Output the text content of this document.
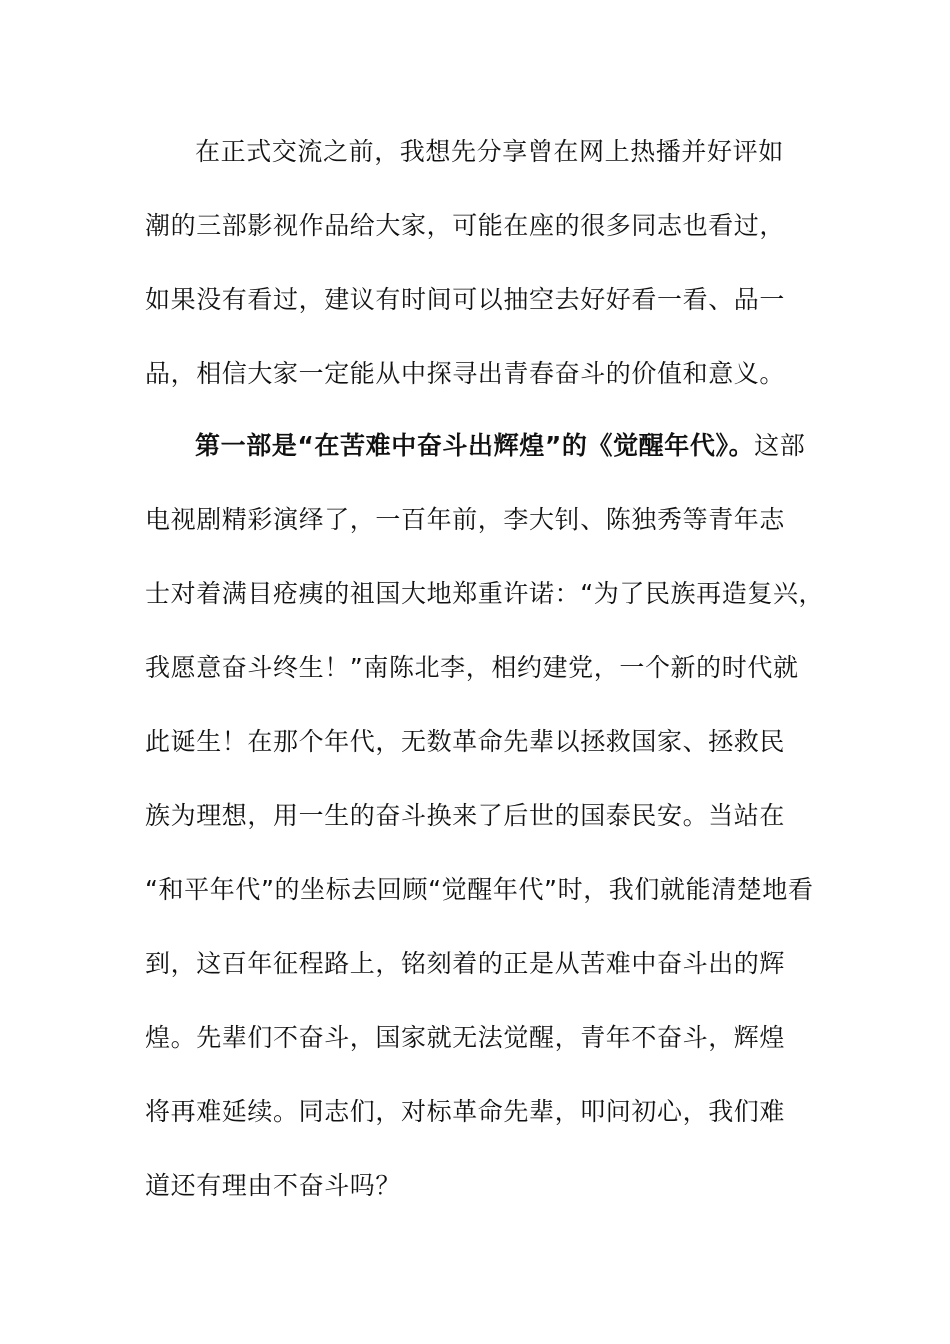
在正式交流之前，我想先分享曾在网上热播并好评如
潮的三部影视作品给大家，可能在座的很多同志也看过，
如果没有看过，建议有时间可以抽空去好好看一看、品一
品，相信大家一定能从中探寻出青春奋斗的价值和意义。
第一部是“在苦难中奋斗出辉煌”的《觉醒年代》。这部
电视剧精彩演绎了，一百年前，李大钊、陈独秀等青年志
士对着满目疮痍的祖国大地郑重许诺：“为了民族再造复兴，
我愿意奋斗终生！”南陈北李，相约建党，一个新的时代就
此诞生！在那个年代，无数革命先辈以拯救国家、拯救民
族为理想，用一生的奋斗换来了后世的国泰民安。当站在
“和平年代”的坐标去回顾“觉醒年代”时，我们就能清楚地看
到，这百年征程路上，铭刻着的正是从苦难中奋斗出的辉
煌。先辈们不奋斗，国家就无法觉醒，青年不奋斗，辉煌
将再难延续。同志们，对标革命先辈，叩问初心，我们难
道还有理由不奋斗吗？
